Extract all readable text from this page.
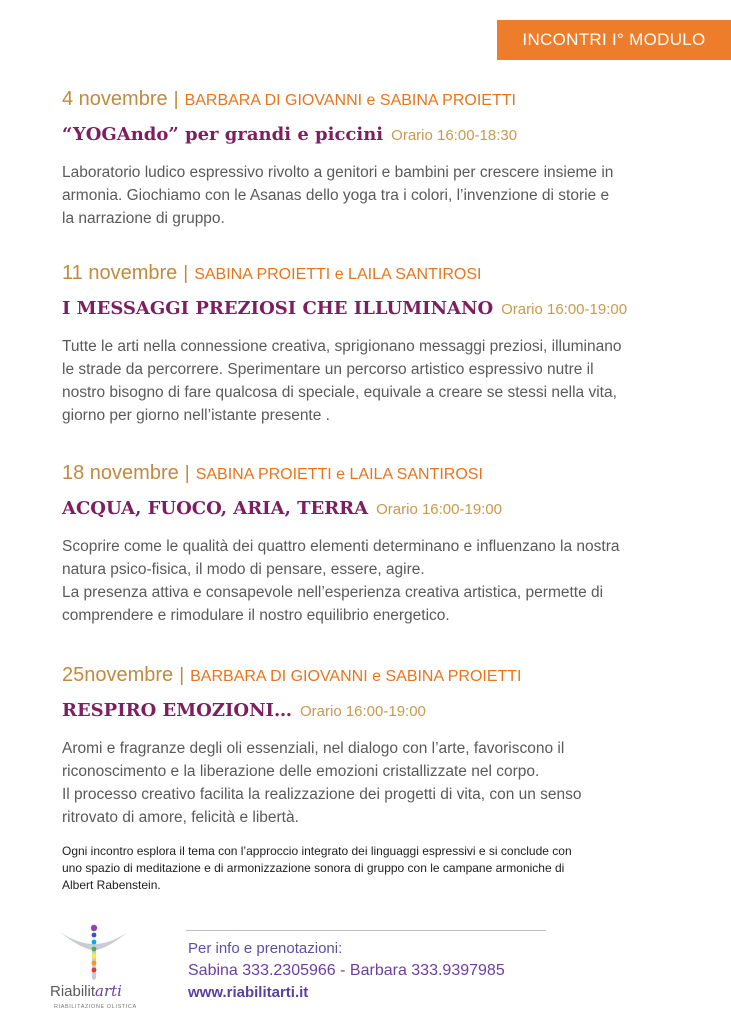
INCONTRI I° MODULO
4 novembre | BARBARA DI GIOVANNI e SABINA PROIETTI
“YOGAndo” per grandi e piccini Orario 16:00-18:30

Laboratorio ludico espressivo rivolto a genitori e bambini per crescere insieme in

armonia. Giochiamo con le Asanas dello yoga tra i colori, l’invenzione di storie e

la narrazione di gruppo.

11 novembre | SABINA PROIETTI e LAILA SANTIROSI
I MESSAGGI PREZIOSI CHE ILLUMINANO Orario 16:00-19:00

Tutte le arti nella connessione creativa, sprigionano messaggi preziosi, illuminano

le strade da percorrere. Sperimentare un percorso artistico espressivo nutre il

nostro bisogno di fare qualcosa di speciale, equivale a creare se stessi nella vita,

giorno per giorno nell’istante presente .

18 novembre | SABINA PROIETTI e LAILA SANTIROSI
ACQUA, FUOCO, ARIA, TERRA Orario 16:00-19:00

Scoprire come le qualità dei quattro elementi determinano e influenzano la nostra

natura psico-fisica, il modo di pensare, essere, agire.

La presenza attiva e consapevole nell’esperienza creativa artistica, permette di

comprendere e rimodulare il nostro equilibrio energetico.

25novembre | BARBARA DI GIOVANNI e SABINA PROIETTI
RESPIRO EMOZIONI… Orario 16:00-19:00

Aromi e fragranze degli oli essenziali, nel dialogo con l’arte, favoriscono il

riconoscimento e la liberazione delle emozioni cristallizzate nel corpo.

Il processo creativo facilita la realizzazione dei progetti di vita, con un senso

ritrovato di amore, felicità e libertà.

Ogni incontro esplora il tema con l’approccio integrato dei linguaggi espressivi e si conclude con
uno spazio di meditazione e di armonizzazione sonora di gruppo con le campane armoniche di
Albert Rabenstein.
Riabilitarti
RIABILITAZIONE OLISTICA
Per info e prenotazioni:
Sabina 333.2305966 - Barbara 333.9397985
www.riabilitarti.it
